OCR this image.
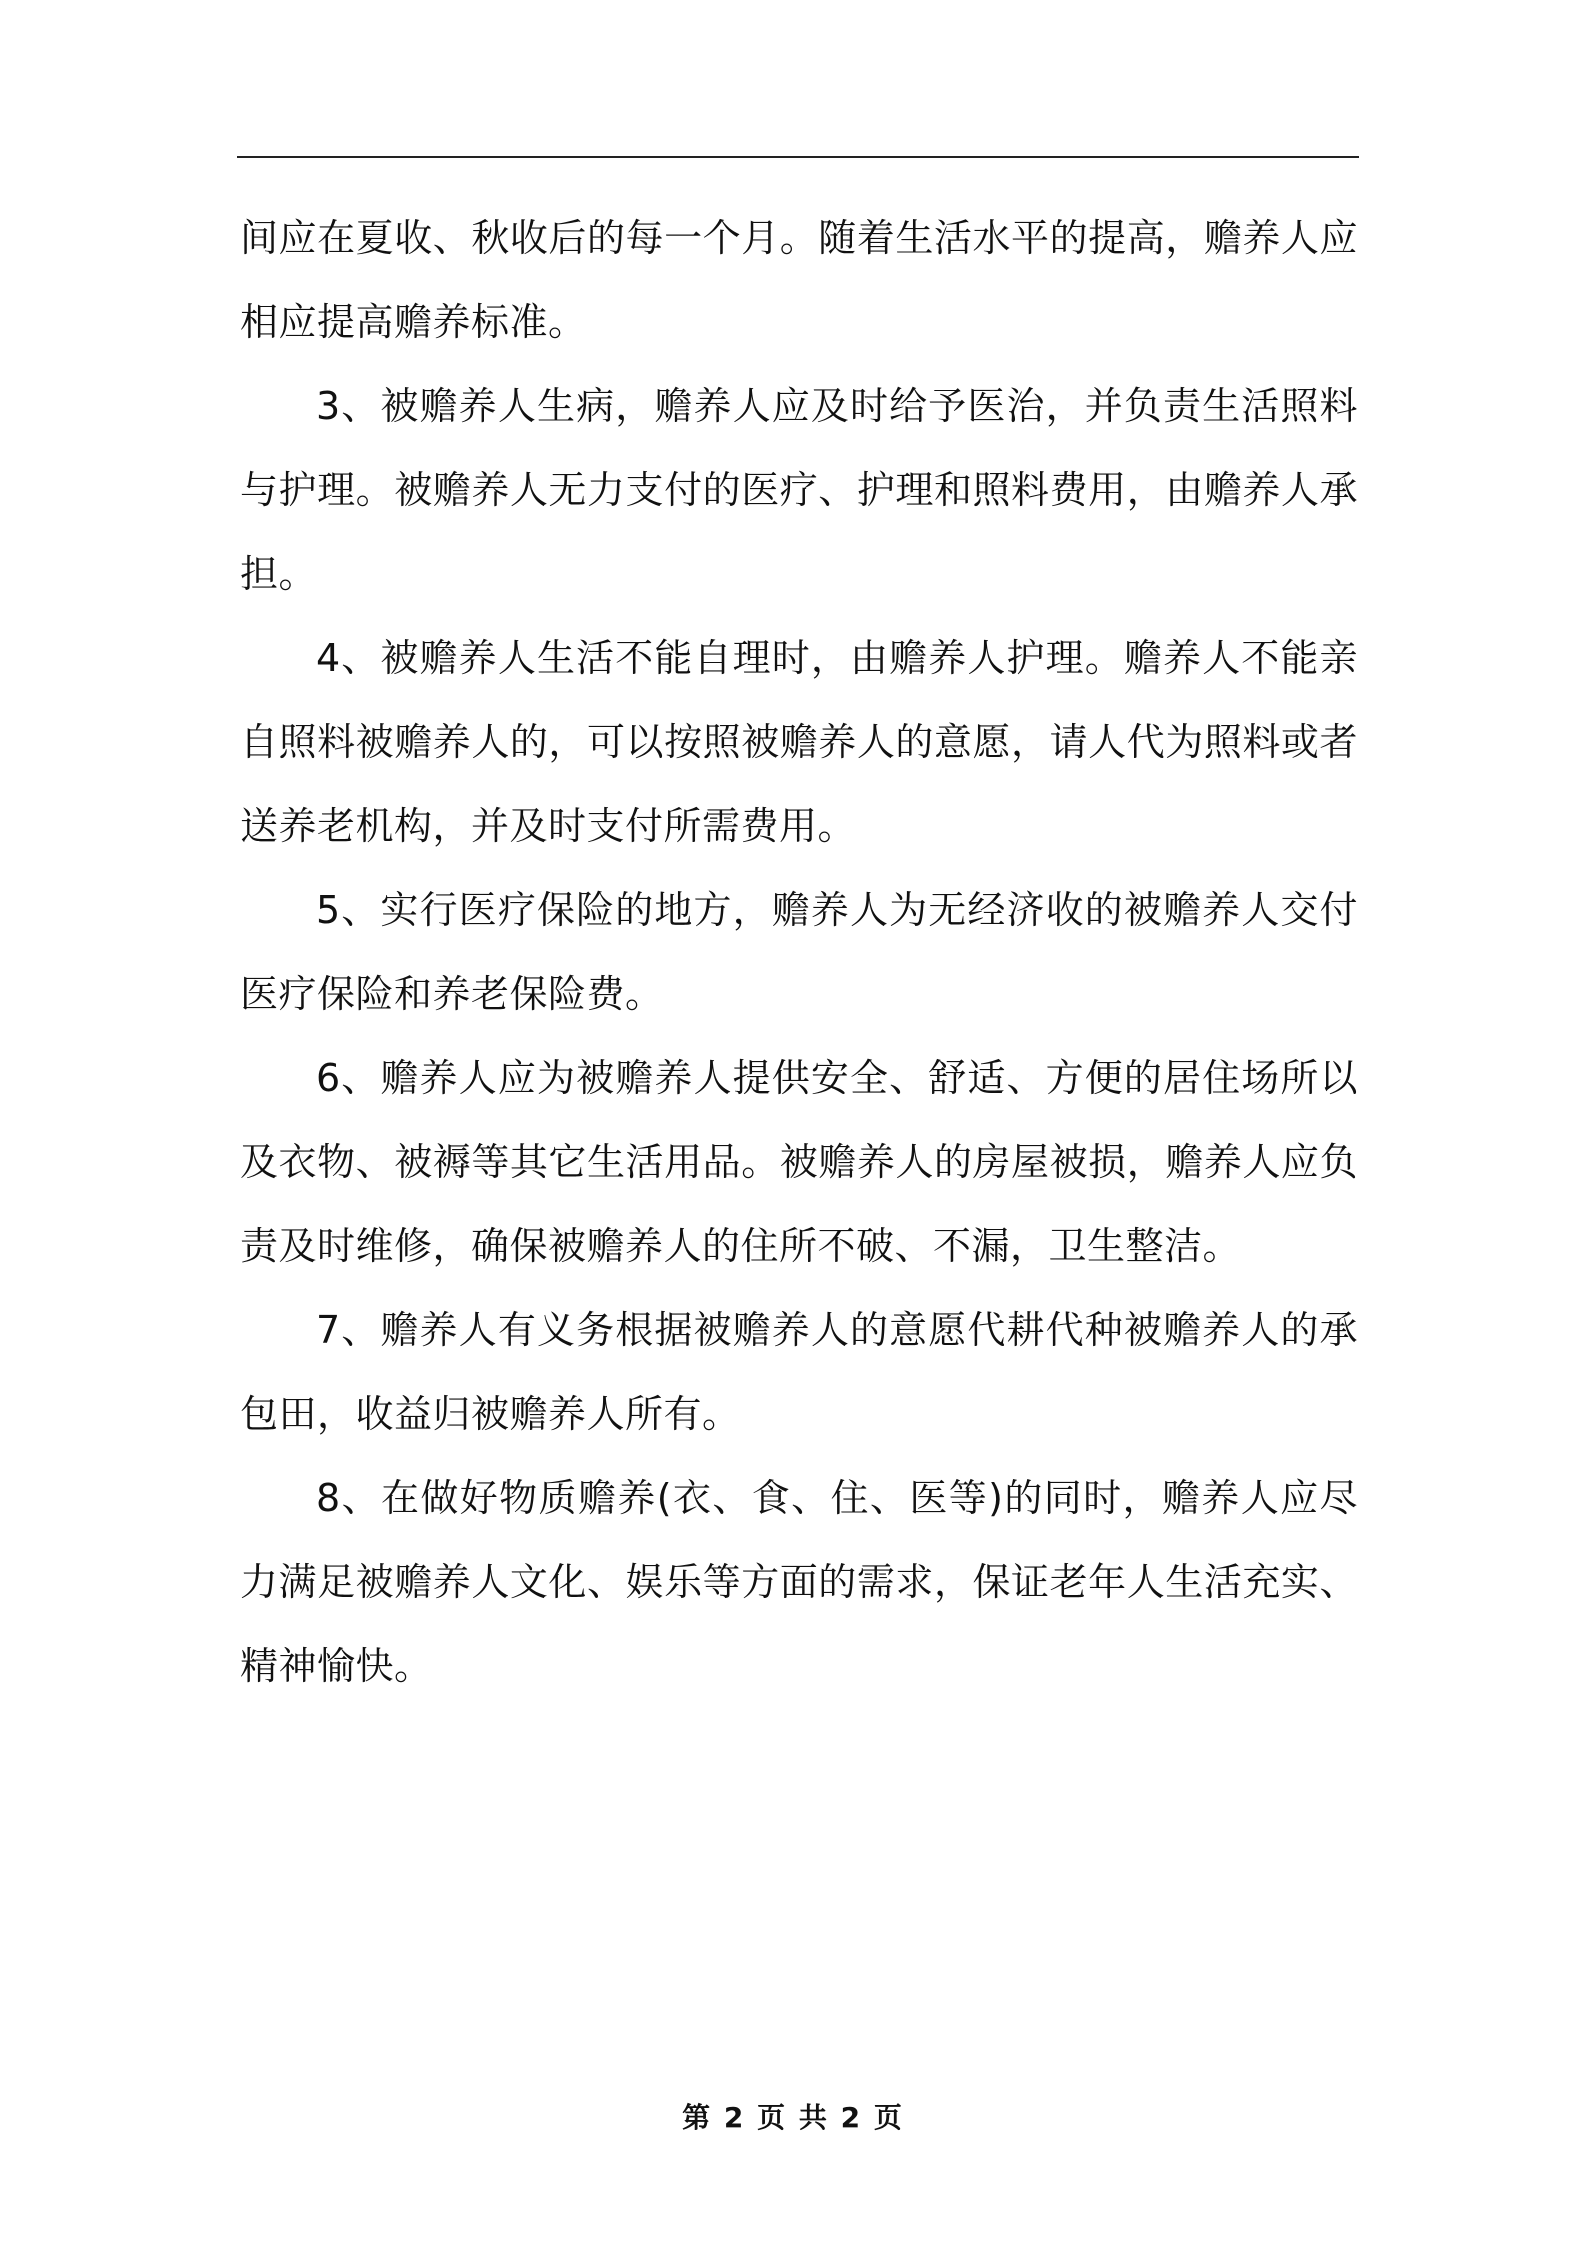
间应在夏收、秋收后的每一个月。随着生活水平的提高，赡养人应相应提高赡养标准。

3、被赡养人生病，赡养人应及时给予医治，并负责生活照料与护理。被赡养人无力支付的医疗、护理和照料费用，由赡养人承担。

4、被赡养人生活不能自理时，由赡养人护理。赡养人不能亲自照料被赡养人的，可以按照被赡养人的意愿，请人代为照料或者送养老机构，并及时支付所需费用。

5、实行医疗保险的地方，赡养人为无经济收的被赡养人交付医疗保险和养老保险费。

6、赡养人应为被赡养人提供安全、舒适、方便的居住场所以及衣物、被褥等其它生活用品。被赡养人的房屋被损，赡养人应负责及时维修，确保被赡养人的住所不破、不漏，卫生整洁。

7、赡养人有义务根据被赡养人的意愿代耕代种被赡养人的承包田，收益归被赡养人所有。

8、在做好物质赡养(衣、食、住、医等)的同时，赡养人应尽力满足被赡养人文化、娱乐等方面的需求，保证老年人生活充实、精神愉快。

第 2 页 共 2 页
